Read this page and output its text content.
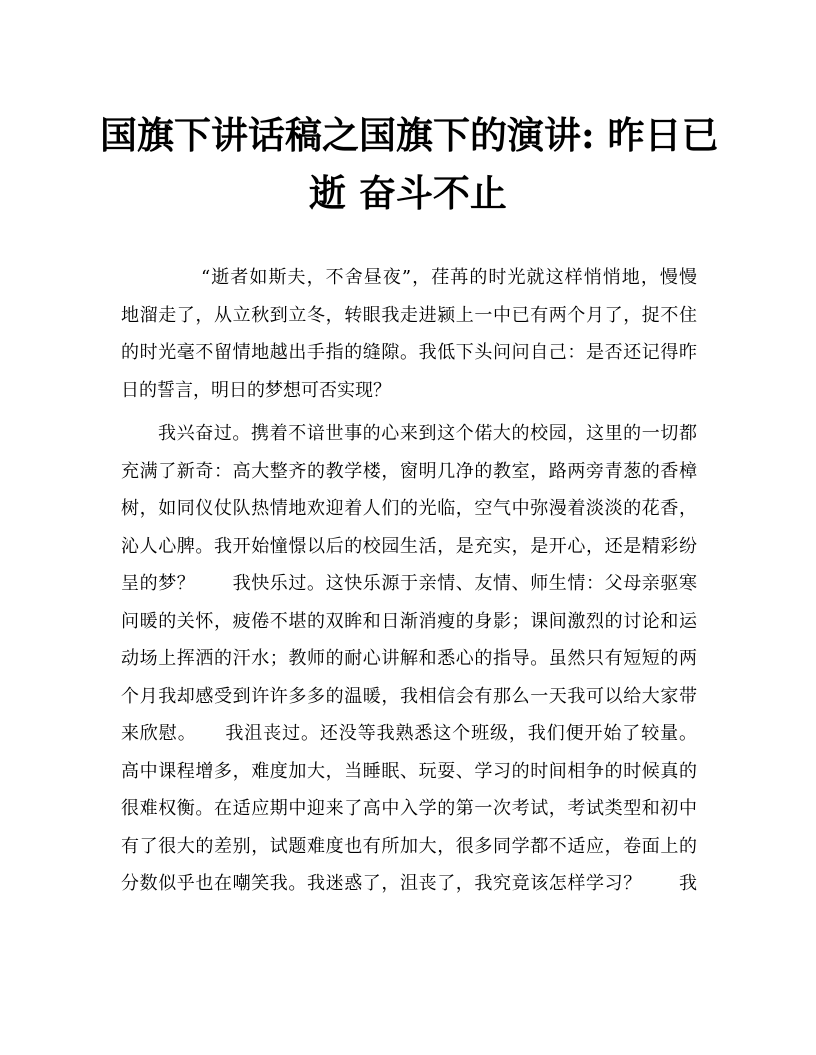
国旗下讲话稿之国旗下的演讲: 昨日已
逝 奋斗不止

“逝者如斯夫，不舍昼夜”，荏苒的时光就这样悄悄地，慢慢
地溜走了，从立秋到立冬，转眼我走进颍上一中已有两个月了，捉不住
的时光毫不留情地越出手指的缝隙。我低下头问问自己：是否还记得昨
日的誓言，明日的梦想可否实现？

我兴奋过。携着不谙世事的心来到这个偌大的校园，这里的一切都
充满了新奇：高大整齐的教学楼，窗明几净的教室，路两旁青葱的香樟
树，如同仪仗队热情地欢迎着人们的光临，空气中弥漫着淡淡的花香，
沁人心脾。我开始憧憬以后的校园生活，是充实，是开心，还是精彩纷
呈的梦？　　我快乐过。这快乐源于亲情、友情、师生情：父母亲驱寒
问暖的关怀，疲倦不堪的双眸和日渐消瘦的身影；课间激烈的讨论和运
动场上挥洒的汗水；教师的耐心讲解和悉心的指导。虽然只有短短的两
个月我却感受到许许多多的温暖，我相信会有那么一天我可以给大家带
来欣慰。　　我沮丧过。还没等我熟悉这个班级，我们便开始了较量。
高中课程增多，难度加大，当睡眠、玩耍、学习的时间相争的时候真的
很难权衡。在适应期中迎来了高中入学的第一次考试，考试类型和初中
有了很大的差别，试题难度也有所加大，很多同学都不适应，卷面上的
分数似乎也在嘲笑我。我迷惑了，沮丧了，我究竟该怎样学习？　　我
